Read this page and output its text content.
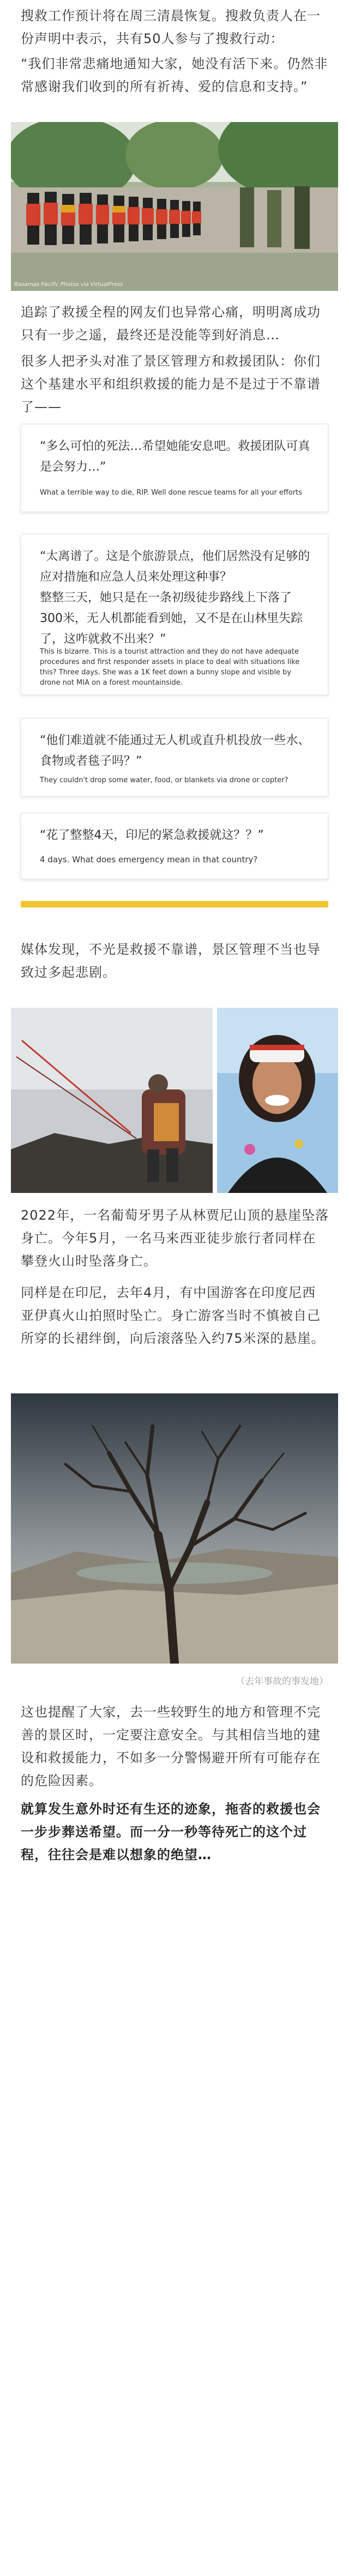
搜救工作预计将在周三清晨恢复。搜救负责人在一份声明中表示，共有50人参与了搜救行动：

“我们非常悲痛地通知大家，她没有活下来。仍然非常感谢我们收到的所有祈祷、爱的信息和支持。”

Basarnas Pacific Photos via VirtualPress

追踪了救援全程的网友们也异常心痛，明明离成功只有一步之遥，最终还是没能等到好消息…

很多人把矛头对准了景区管理方和救援团队：你们这个基建水平和组织救援的能力是不是过于不靠谱了——

“多么可怕的死法…希望她能安息吧。救援团队可真是会努力…”

What a terrible way to die, RIP. Well done rescue teams for all your efforts

“太离谱了。这是个旅游景点，他们居然没有足够的应对措施和应急人员来处理这种事？
整整三天，她只是在一条初级徒步路线上下落了300米，无人机都能看到她，又不是在山林里失踪了，这咋就救不出来？”

This is bizarre. This is a tourist attraction and they do not have adequate procedures and first responder assets in place to deal with situations like this? Three days. She was a 1K feet down a bunny slope and visible by drone not MIA on a forest mountainside.

“他们难道就不能通过无人机或直升机投放一些水、食物或者毯子吗？”

They couldn't drop some water, food, or blankets via drone or copter?

“花了整整4天，印尼的紧急救援就这？？”

4 days. What does emergency mean in that country?

媒体发现，不光是救援不靠谱，景区管理不当也导致过多起悲剧。

2022年，一名葡萄牙男子从林贾尼山顶的悬崖坠落身亡。今年5月，一名马来西亚徒步旅行者同样在攀登火山时坠落身亡。

同样是在印尼，去年4月，有中国游客在印度尼西亚伊真火山拍照时坠亡。身亡游客当时不慎被自己所穿的长裙绊倒，向后滚落坠入约75米深的悬崖。

（去年事故的事发地）

这也提醒了大家，去一些较野生的地方和管理不完善的景区时，一定要注意安全。与其相信当地的建设和救援能力，不如多一分警惕避开所有可能存在的危险因素。

就算发生意外时还有生还的迹象，拖沓的救援也会一步步葬送希望。而一分一秒等待死亡的这个过程，往往会是难以想象的绝望…
